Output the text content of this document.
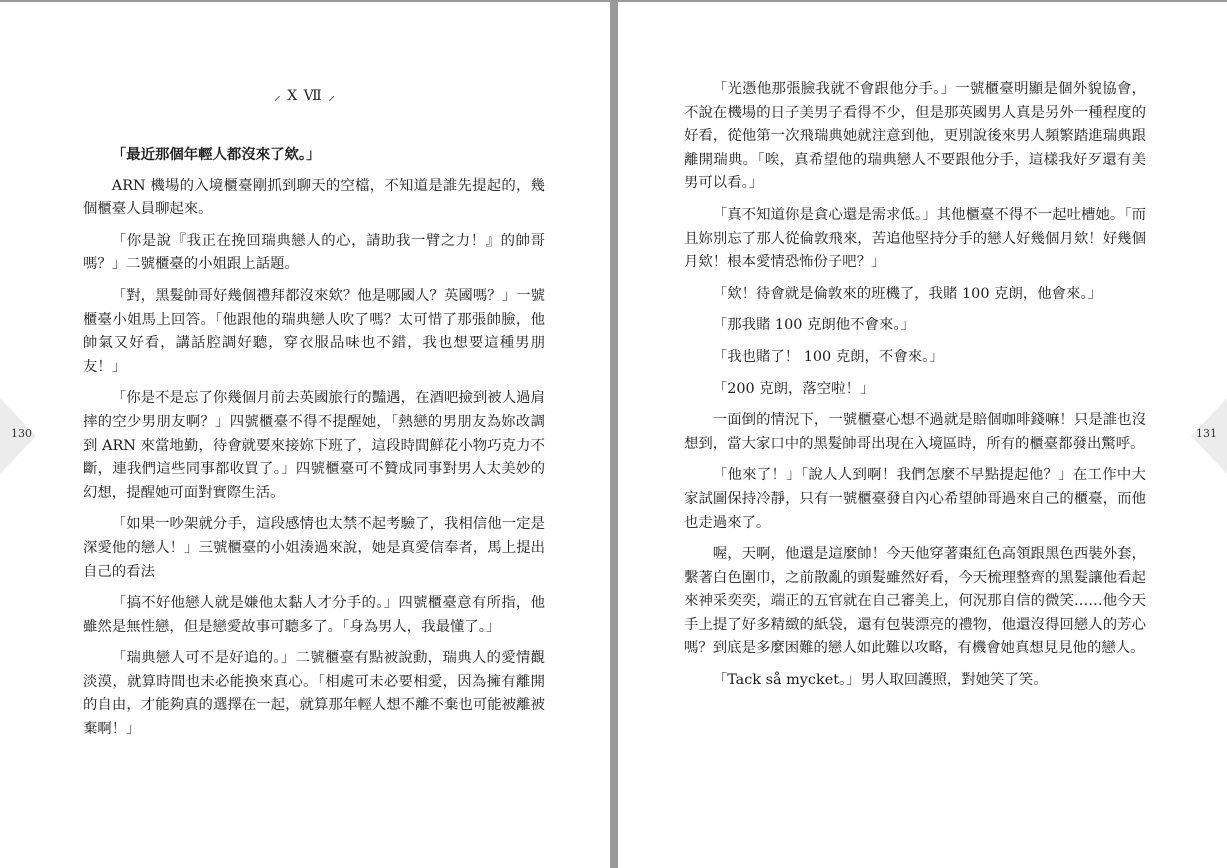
⸝ X Ⅶ ⸝

「最近那個年輕人都沒來了欸。」

ARN 機場的入境櫃臺剛抓到聊天的空檔，不知道是誰先提起的，幾個櫃臺人員聊起來。

「你是說『我正在挽回瑞典戀人的心，請助我一臂之力！』的帥哥嗎？」二號櫃臺的小姐跟上話題。

「對，黑髮帥哥好幾個禮拜都沒來欸？他是哪國人？英國嗎？」一號櫃臺小姐馬上回答。「他跟他的瑞典戀人吹了嗎？太可惜了那張帥臉，他帥氣又好看，講話腔調好聽，穿衣服品味也不錯，我也想要這種男朋友！」

「你是不是忘了你幾個月前去英國旅行的豔遇，在酒吧撿到被人過肩摔的空少男朋友啊？」四號櫃臺不得不提醒她，「熱戀的男朋友為妳改調到 ARN 來當地勤，待會就要來接妳下班了，這段時間鮮花小物巧克力不斷，連我們這些同事都收買了。」四號櫃臺可不贊成同事對男人太美妙的幻想，提醒她可面對實際生活。

「如果一吵架就分手，這段感情也太禁不起考驗了，我相信他一定是深愛他的戀人！」三號櫃臺的小姐湊過來說，她是真愛信奉者，馬上提出自己的看法

「搞不好他戀人就是嫌他太黏人才分手的。」四號櫃臺意有所指，他雖然是無性戀，但是戀愛故事可聽多了。「身為男人，我最懂了。」

「瑞典戀人可不是好追的。」二號櫃臺有點被說動，瑞典人的愛情觀淡漠，就算時間也未必能換來真心。「相處可未必要相愛，因為擁有離開的自由，才能夠真的選擇在一起，就算那年輕人想不離不棄也可能被離被棄啊！」

「光憑他那張臉我就不會跟他分手。」一號櫃臺明顯是個外貌協會，不說在機場的日子美男子看得不少，但是那英國男人真是另外一種程度的好看，從他第一次飛瑞典她就注意到他，更別說後來男人頻繁踏進瑞典跟離開瑞典。「唉，真希望他的瑞典戀人不要跟他分手，這樣我好歹還有美男可以看。」

「真不知道你是貪心還是需求低。」其他櫃臺不得不一起吐槽她。「而且妳別忘了那人從倫敦飛來，苦追他堅持分手的戀人好幾個月欸！好幾個月欸！根本愛情恐怖份子吧？」

「欸！待會就是倫敦來的班機了，我賭 100 克朗，他會來。」

「那我賭 100 克朗他不會來。」

「我也賭了！ 100 克朗，不會來。」

「200 克朗，落空啦！」

一面倒的情況下，一號櫃臺心想不過就是賠個咖啡錢嘛！只是誰也沒想到，當大家口中的黑髮帥哥出現在入境區時，所有的櫃臺都發出驚呼。

「他來了！」「說人人到啊！我們怎麼不早點提起他？」在工作中大家試圖保持冷靜，只有一號櫃臺發自內心希望帥哥過來自己的櫃臺，而他也走過來了。

喔，天啊，他還是這麼帥！今天他穿著棗紅色高領跟黑色西裝外套，繫著白色圍巾，之前散亂的頭髮雖然好看，今天梳理整齊的黑髮讓他看起來神采奕奕，端正的五官就在自己審美上，何況那自信的微笑……他今天手上提了好多精緻的紙袋，還有包裝漂亮的禮物，他還沒得回戀人的芳心嗎？到底是多麼困難的戀人如此難以攻略，有機會她真想見見他的戀人。

「Tack så mycket。」男人取回護照，對她笑了笑。

130	131
